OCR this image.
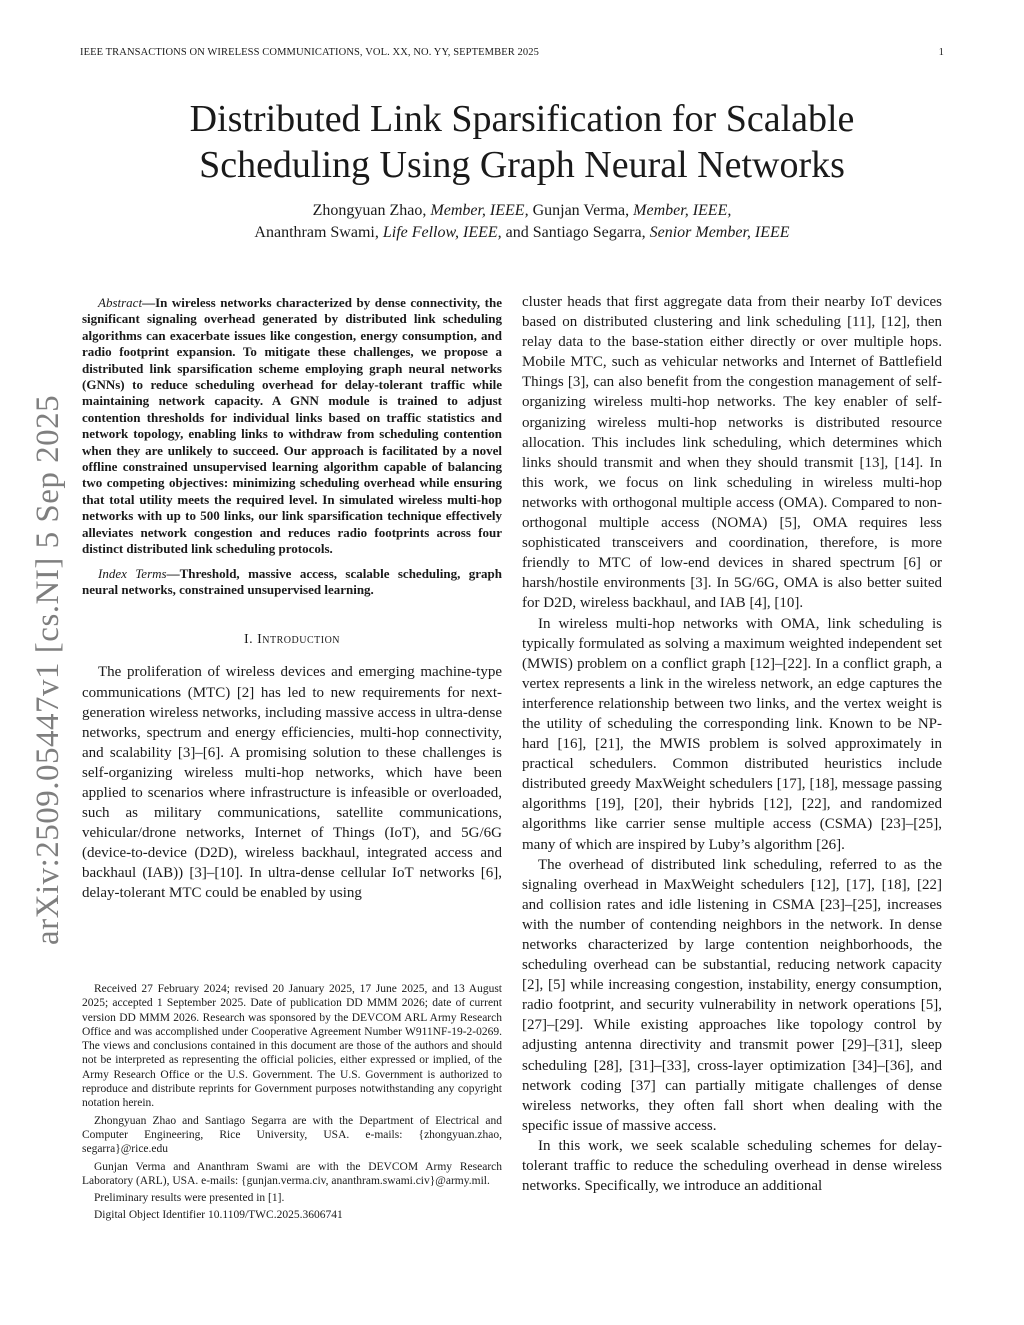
IEEE TRANSACTIONS ON WIRELESS COMMUNICATIONS, VOL. XX, NO. YY, SEPTEMBER 2025	1
arXiv:2509.05447v1 [cs.NI] 5 Sep 2025
Distributed Link Sparsification for Scalable
Scheduling Using Graph Neural Networks
Zhongyuan Zhao, Member, IEEE, Gunjan Verma, Member, IEEE,
Ananthram Swami, Life Fellow, IEEE, and Santiago Segarra, Senior Member, IEEE

Abstract—In wireless networks characterized by dense connectivity, the significant signaling overhead generated by distributed link scheduling algorithms can exacerbate issues like congestion, energy consumption, and radio footprint expansion. To mitigate these challenges, we propose a distributed link sparsification scheme employing graph neural networks (GNNs) to reduce scheduling overhead for delay-tolerant traffic while maintaining network capacity. A GNN module is trained to adjust contention thresholds for individual links based on traffic statistics and network topology, enabling links to withdraw from scheduling contention when they are unlikely to succeed. Our approach is facilitated by a novel offline constrained unsupervised learning algorithm capable of balancing two competing objectives: minimizing scheduling overhead while ensuring that total utility meets the required level. In simulated wireless multi-hop networks with up to 500 links, our link sparsification technique effectively alleviates network congestion and reduces radio footprints across four distinct distributed link scheduling protocols.

Index Terms—Threshold, massive access, scalable scheduling, graph neural networks, constrained unsupervised learning.

I. Introduction

The proliferation of wireless devices and emerging machine-type communications (MTC) [2] has led to new requirements for next-generation wireless networks, including massive access in ultra-dense networks, spectrum and energy efficiencies, multi-hop connectivity, and scalability [3]–[6]. A promising solution to these challenges is self-organizing wireless multi-hop networks, which have been applied to scenarios where infrastructure is infeasible or overloaded, such as military communications, satellite communications, vehicular/drone networks, Internet of Things (IoT), and 5G/6G (device-to-device (D2D), wireless backhaul, integrated access and backhaul (IAB)) [3]–[10]. In ultra-dense cellular IoT networks [6], delay-tolerant MTC could be enabled by using

Received 27 February 2024; revised 20 January 2025, 17 June 2025, and 13 August 2025; accepted 1 September 2025. Date of publication DD MMM 2026; date of current version DD MMM 2026. Research was sponsored by the DEVCOM ARL Army Research Office and was accomplished under Cooperative Agreement Number W911NF-19-2-0269. The views and conclusions contained in this document are those of the authors and should not be interpreted as representing the official policies, either expressed or implied, of the Army Research Office or the U.S. Government. The U.S. Government is authorized to reproduce and distribute reprints for Government purposes notwithstanding any copyright notation herein.

Zhongyuan Zhao and Santiago Segarra are with the Department of Electrical and Computer Engineering, Rice University, USA. e-mails: {zhongyuan.zhao, segarra}@rice.edu

Gunjan Verma and Ananthram Swami are with the DEVCOM Army Research Laboratory (ARL), USA. e-mails: {gunjan.verma.civ, ananthram.swami.civ}@army.mil.

Preliminary results were presented in [1].

Digital Object Identifier 10.1109/TWC.2025.3606741

cluster heads that first aggregate data from their nearby IoT devices based on distributed clustering and link scheduling [11], [12], then relay data to the base-station either directly or over multiple hops. Mobile MTC, such as vehicular networks and Internet of Battlefield Things [3], can also benefit from the congestion management of self-organizing wireless multi-hop networks. The key enabler of self-organizing wireless multi-hop networks is distributed resource allocation. This includes link scheduling, which determines which links should transmit and when they should transmit [13], [14]. In this work, we focus on link scheduling in wireless multi-hop networks with orthogonal multiple access (OMA). Compared to non-orthogonal multiple access (NOMA) [5], OMA requires less sophisticated transceivers and coordination, therefore, is more friendly to MTC of low-end devices in shared spectrum [6] or harsh/hostile environments [3]. In 5G/6G, OMA is also better suited for D2D, wireless backhaul, and IAB [4], [10].

In wireless multi-hop networks with OMA, link scheduling is typically formulated as solving a maximum weighted independent set (MWIS) problem on a conflict graph [12]–[22]. In a conflict graph, a vertex represents a link in the wireless network, an edge captures the interference relationship between two links, and the vertex weight is the utility of scheduling the corresponding link. Known to be NP-hard [16], [21], the MWIS problem is solved approximately in practical schedulers. Common distributed heuristics include distributed greedy MaxWeight schedulers [17], [18], message passing algorithms [19], [20], their hybrids [12], [22], and randomized algorithms like carrier sense multiple access (CSMA) [23]–[25], many of which are inspired by Luby’s algorithm [26].

The overhead of distributed link scheduling, referred to as the signaling overhead in MaxWeight schedulers [12], [17], [18], [22] and collision rates and idle listening in CSMA [23]–[25], increases with the number of contending neighbors in the network. In dense networks characterized by large contention neighborhoods, the scheduling overhead can be substantial, reducing network capacity [2], [5] while increasing congestion, instability, energy consumption, radio footprint, and security vulnerability in network operations [5], [27]–[29]. While existing approaches like topology control by adjusting antenna directivity and transmit power [29]–[31], sleep scheduling [28], [31]–[33], cross-layer optimization [34]–[36], and network coding [37] can partially mitigate challenges of dense wireless networks, they often fall short when dealing with the specific issue of massive access.

In this work, we seek scalable scheduling schemes for delay-tolerant traffic to reduce the scheduling overhead in dense wireless networks. Specifically, we introduce an additional
